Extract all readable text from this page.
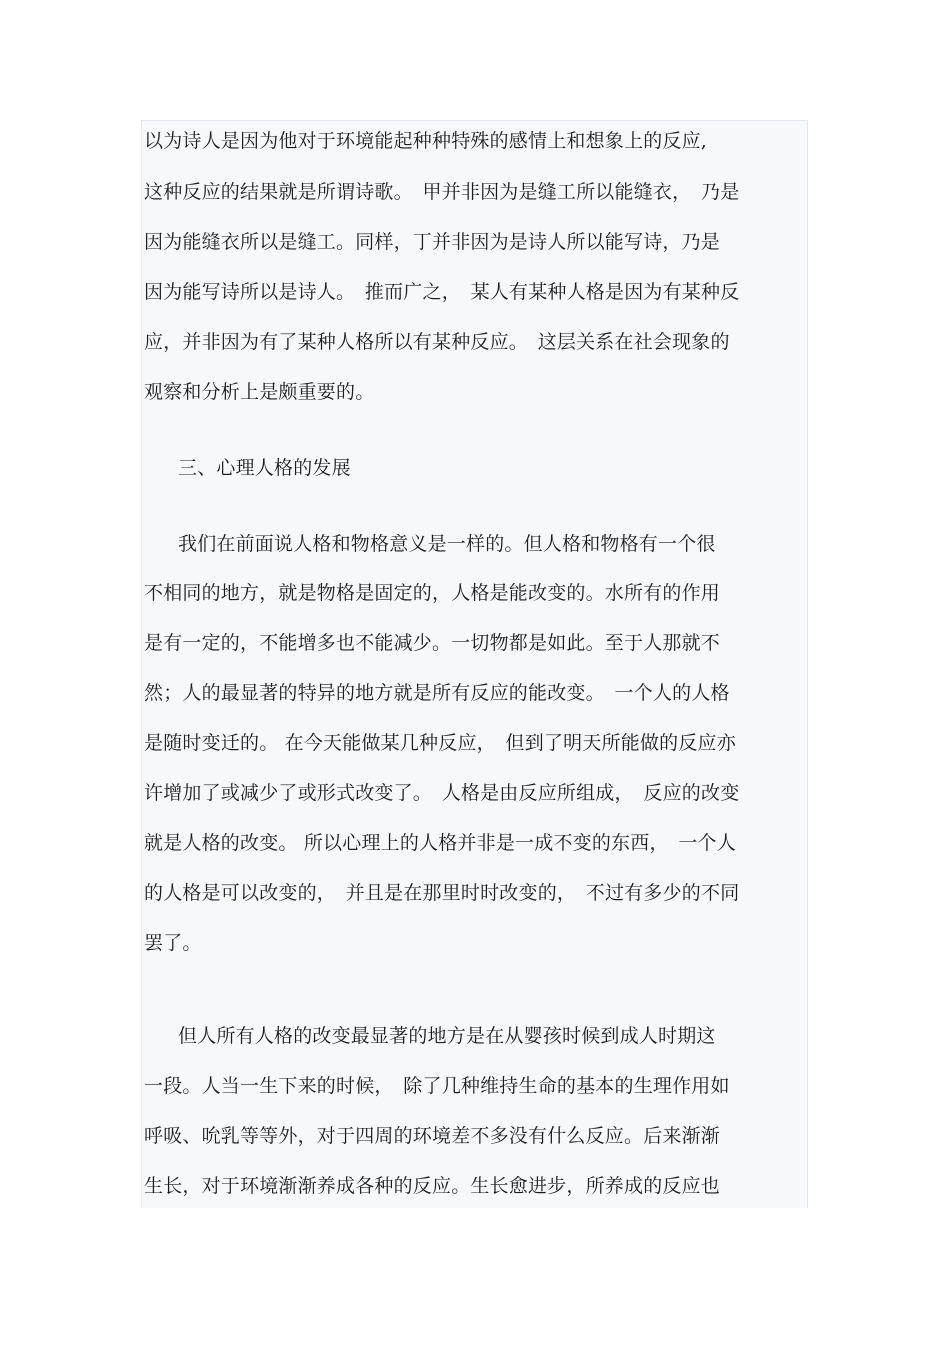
以为诗人是因为他对于环境能起种种特殊的感情上和想象上的反应,
这种反应的结果就是所谓诗歌。　甲并非因为是缝工所以能缝衣，　乃是
因为能缝衣所以是缝工。同样，丁并非因为是诗人所以能写诗，乃是
因为能写诗所以是诗人。　推而广之，　某人有某种人格是因为有某种反
应，并非因为有了某种人格所以有某种反应。　这层关系在社会现象的
观察和分析上是颇重要的。
三、心理人格的发展
我们在前面说人格和物格意义是一样的。但人格和物格有一个很
不相同的地方，就是物格是固定的，人格是能改变的。水所有的作用
是有一定的，不能增多也不能减少。一切物都是如此。至于人那就不
然；人的最显著的特异的地方就是所有反应的能改变。　一个人的人格
是随时变迁的。 在今天能做某几种反应，　但到了明天所能做的反应亦
许增加了或减少了或形式改变了。　人格是由反应所组成，　反应的改变
就是人格的改变。 所以心理上的人格并非是一成不变的东西，　一个人
的人格是可以改变的，　并且是在那里时时改变的，　不过有多少的不同
罢了。
但人所有人格的改变最显著的地方是在从婴孩时候到成人时期这
一段。人当一生下来的时候，　除了几种维持生命的基本的生理作用如
呼吸、吮乳等等外，对于四周的环境差不多没有什么反应。后来渐渐
生长，对于环境渐渐养成各种的反应。生长愈进步，所养成的反应也
